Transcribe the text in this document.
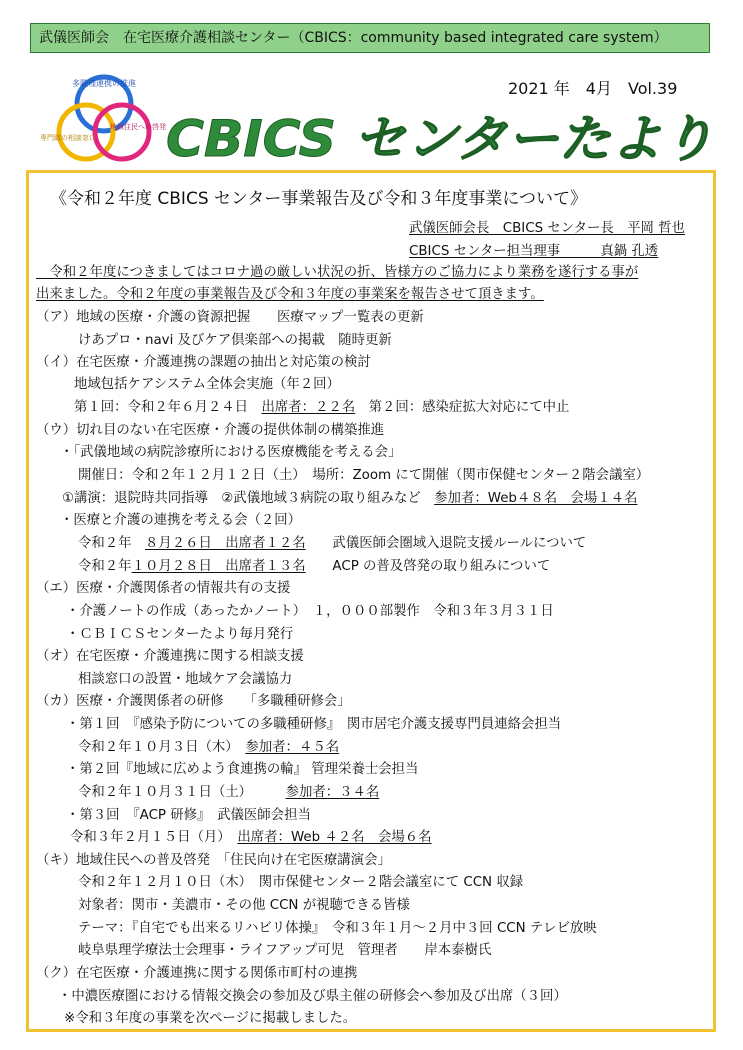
武儀医師会　在宅医療介護相談センター（CBICS：community based integrated care system）
多職種連携の推進
地域住民への啓発
専門職の相談窓口
2021 年　4月　Vol.39
CBICS センターたより
《令和２年度 CBICS センター事業報告及び令和３年度事業について》
武儀医師会長　CBICS センター長　平岡 哲也
CBICS センター担当理事　　　真鍋 孔透
　令和２年度につきましてはコロナ過の厳しい状況の折、皆様方のご協力により業務を遂行する事が
出来ました。令和２年度の事業報告及び令和３年度の事業案を報告させて頂きます。
（ア）地域の医療・介護の資源把握　　医療マップ一覧表の更新
けあプロ・navi 及びケア倶楽部への掲載　随時更新
（イ）在宅医療・介護連携の課題の抽出と対応策の検討
地域包括ケアシステム全体会実施（年２回）
第１回：令和２年６月２４日　出席者：２２名　第２回：感染症拡大対応にて中止
（ウ）切れ目のない在宅医療・介護の提供体制の構築推進
・「武儀地域の病院診療所における医療機能を考える会」
開催日：令和２年１２月１２日（土）　場所：Zoom にて開催（関市保健センター２階会議室）
①講演：退院時共同指導　②武儀地域３病院の取り組みなど　参加者：Web４８名　会場１４名
・医療と介護の連携を考える会（２回）
令和２年　８月２６日　出席者１２名　　武儀医師会圏域入退院支援ルールについて
令和２年１０月２８日　出席者１３名　　ACP の普及啓発の取り組みについて
（エ）医療・介護関係者の情報共有の支援
・介護ノートの作成（あったかノート）　１，０００部製作　令和３年３月３１日
・ＣＢＩＣＳセンターたより毎月発行
（オ）在宅医療・介護連携に関する相談支援
相談窓口の設置・地域ケア会議協力
（カ）医療・介護関係者の研修　　「多職種研修会」
・第１回　『感染予防についての多職種研修』　関市居宅介護支援専門員連絡会担当
令和２年１０月３日（木）　参加者：４５名
・第２回『地域に広めよう食連携の輪』 管理栄養士会担当
令和２年１０月３１日（土）　　　参加者：３４名
・第３回　『ACP 研修』　武儀医師会担当
令和３年２月１５日（月）　出席者：Web ４２名　会場６名
（キ）地域住民への普及啓発　「住民向け在宅医療講演会」
令和２年１２月１０日（木）　関市保健センター２階会議室にて CCN 収録
対象者：関市・美濃市・その他 CCN が視聴できる皆様
テーマ：『自宅でも出来るリハビリ体操』　令和３年１月～２月中３回 CCN テレビ放映
岐阜県理学療法士会理事・ライフアップ可児　管理者　　岸本泰樹氏
（ク）在宅医療・介護連携に関する関係市町村の連携
・中濃医療圏における情報交換会の参加及び県主催の研修会へ参加及び出席（３回）
※令和３年度の事業を次ページに掲載しました。
